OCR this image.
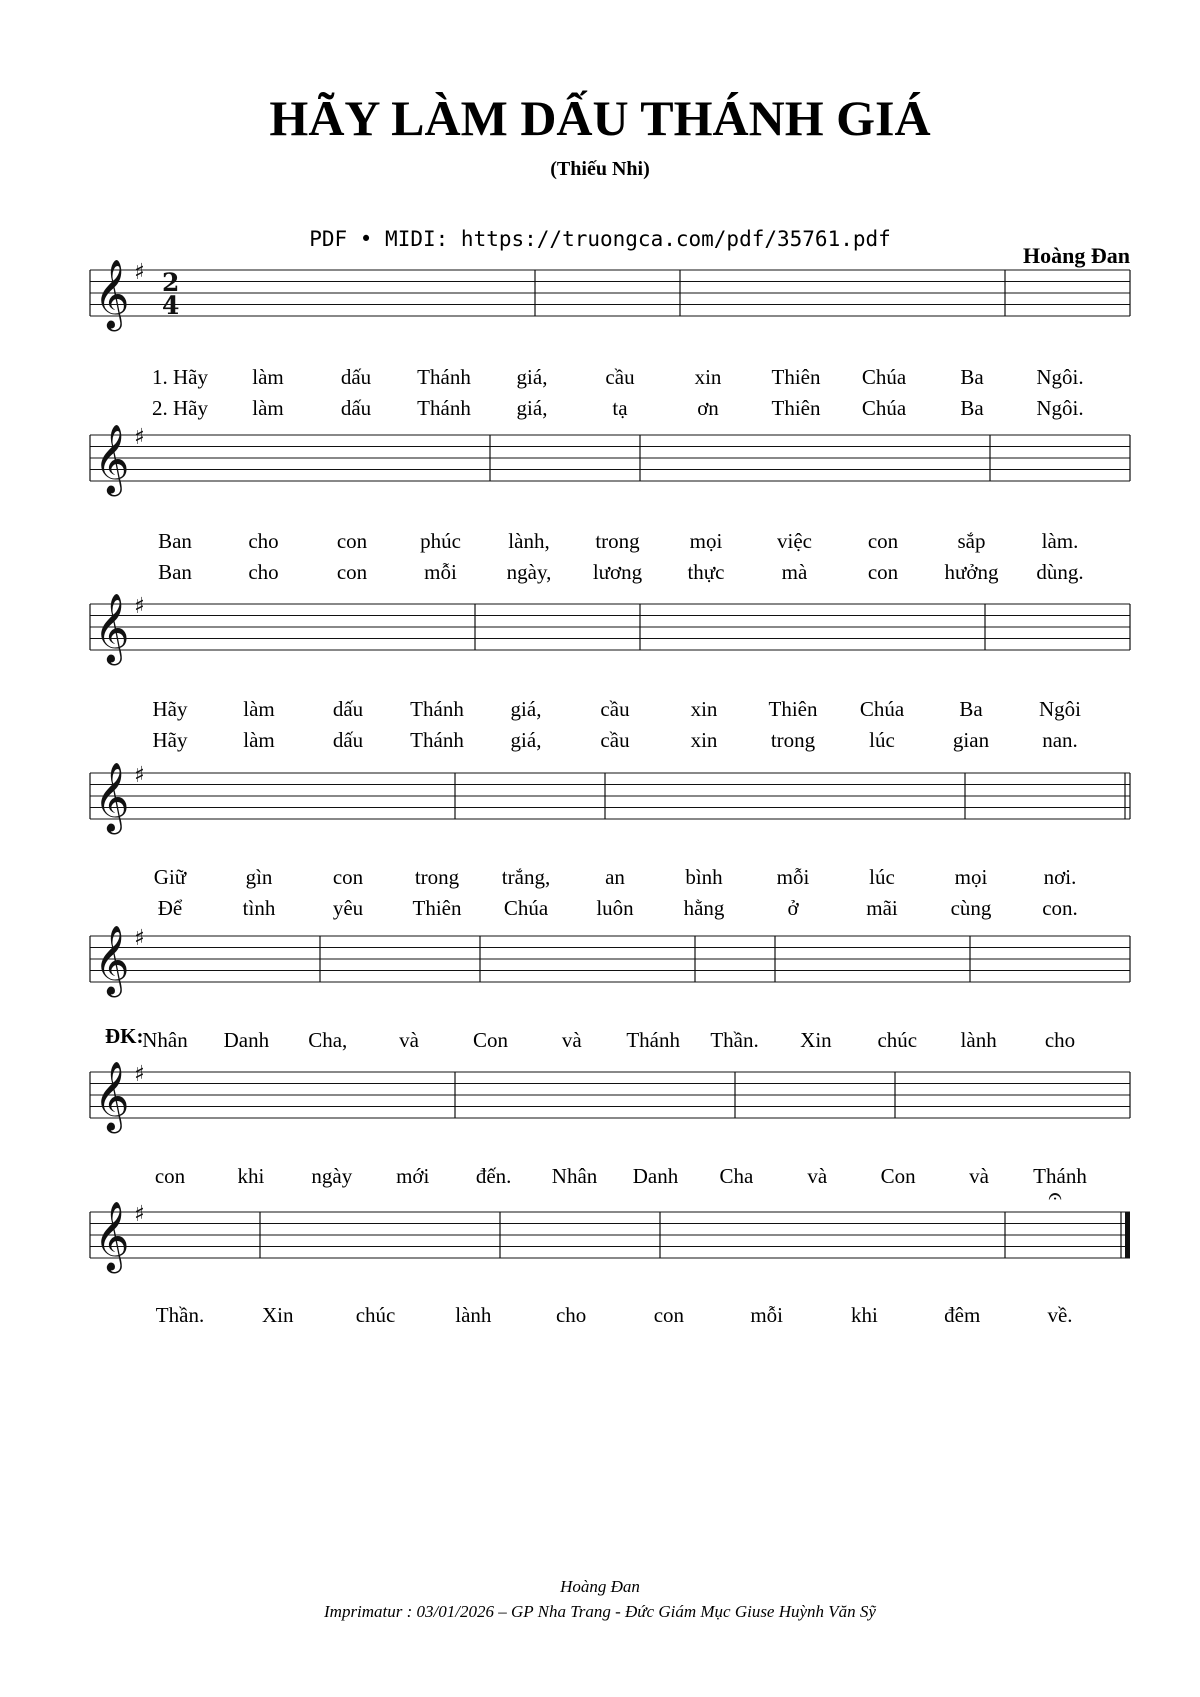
HÃY LÀM DẤU THÁNH GIÁ
(Thiếu Nhi)
PDF • MIDI: https://truongca.com/pdf/35761.pdf
Hoàng Đan
𝄞 ♯ 2
4
1. Hãy làm	dấu Thánh giá,	cầu	xin Thiên Chúa	Ba	Ngôi.
2. Hãy làm	dấu Thánh giá,	tạ	ơn	Thiên Chúa	Ba	Ngôi.
𝄞 ♯
Ban	cho	con	phúc lành, trong mọi	việc	con	sắp	làm.
Ban	cho	con	mỗi ngày, lương thực	mà	con hưởng dùng.
𝄞 ♯
Hãy	làm	dấu Thánh giá,	cầu	xin Thiên Chúa	Ba	Ngôi
Hãy	làm	dấu Thánh giá,	cầu	xin	trong	lúc	gian	nan.
𝄞 ♯
Giữ	gìn	con trong trắng,	an	bình	mỗi	lúc	mọi	nơi.
Để	tình	yêu Thiên Chúa luôn hằng	ở	mãi	cùng con.
𝄞 ♯
ĐK:
Nhân Danh Cha, và	Con	và Thánh Thần. Xin chúc lành cho
𝄞 ♯
con khi ngày mới đến. Nhân Danh Cha	và	Con	và Thánh
𝄞 ♯
𝄐
Thần.	Xin	chúc	lành	cho	con	mỗi	khi	đêm	về.
Hoàng Đan
Imprimatur : 03/01/2026 – GP Nha Trang - Đức Giám Mục Giuse Huỳnh Văn Sỹ
